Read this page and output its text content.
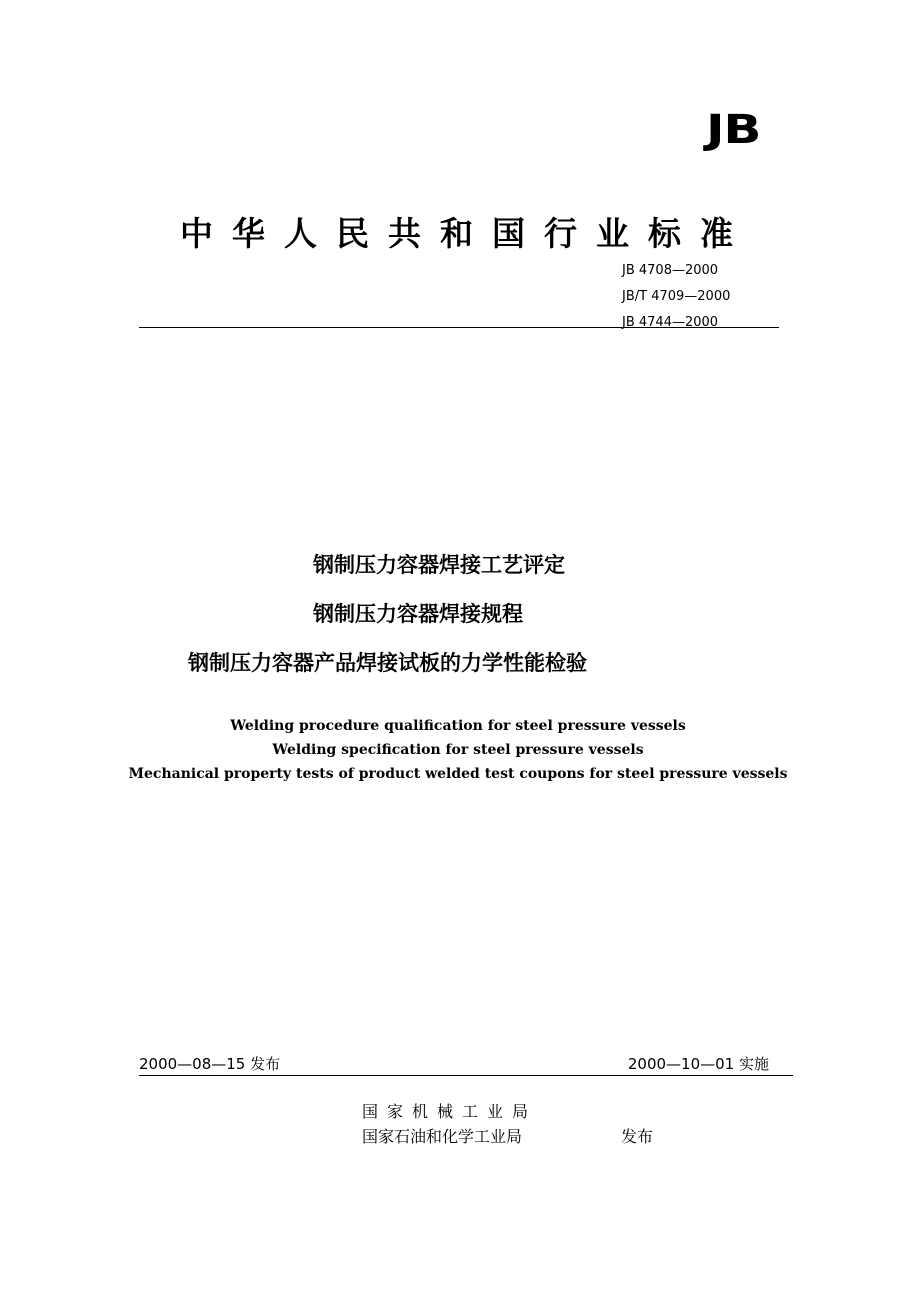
JB
中华人民共和国行业标准
JB 4708—2000
JB/T 4709—2000
JB 4744—2000
钢制压力容器焊接工艺评定
钢制压力容器焊接规程
钢制压力容器产品焊接试板的力学性能检验
Welding procedure qualification for steel pressure vessels
Welding specification for steel pressure vessels
Mechanical property tests of product welded test coupons for steel pressure vessels
2000—08—15 发布	2000—10—01 实施
国家机械工业局
国家石油和化学工业局	发布
